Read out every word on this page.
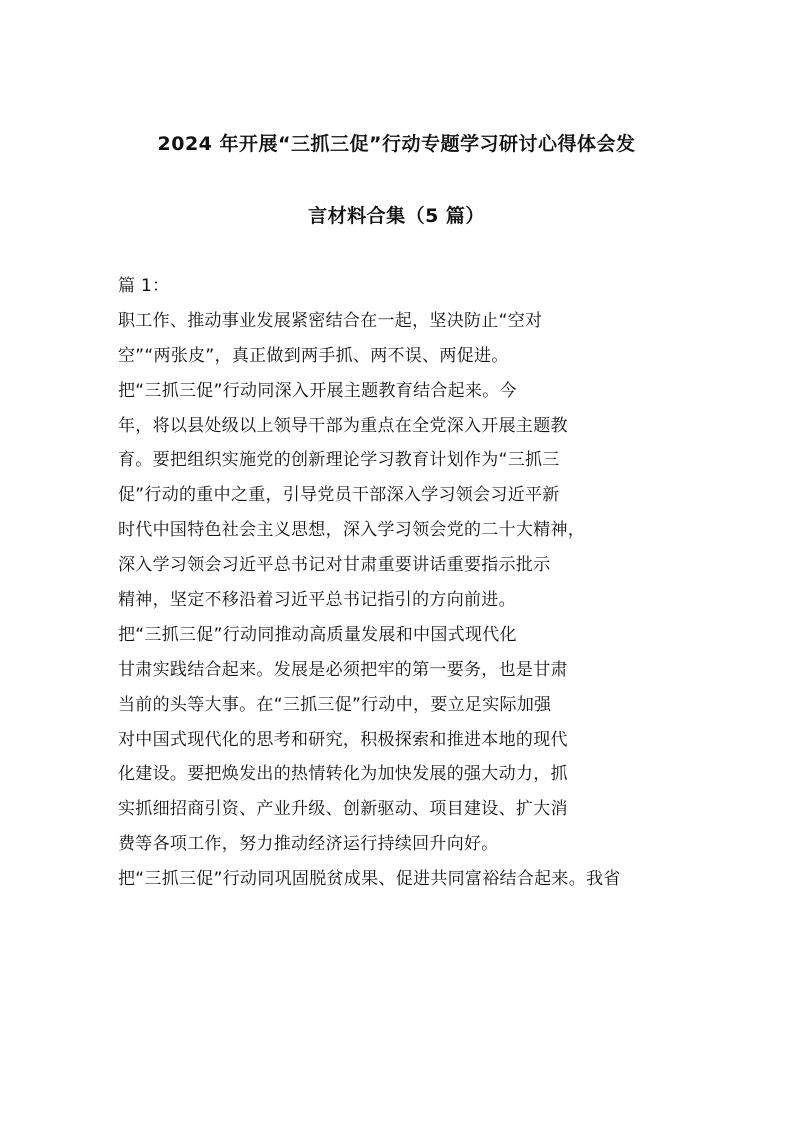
2024 年开展“三抓三促”行动专题学习研讨心得体会发
言材料合集（5 篇）
篇 1：
职工作、推动事业发展紧密结合在一起，坚决防止“空对
空”“两张皮”，真正做到两手抓、两不误、两促进。
把“三抓三促”行动同深入开展主题教育结合起来。今
年，将以县处级以上领导干部为重点在全党深入开展主题教
育。要把组织实施党的创新理论学习教育计划作为“三抓三
促”行动的重中之重，引导党员干部深入学习领会习近平新
时代中国特色社会主义思想，深入学习领会党的二十大精神，
深入学习领会习近平总书记对甘肃重要讲话重要指示批示
精神，坚定不移沿着习近平总书记指引的方向前进。
把“三抓三促”行动同推动高质量发展和中国式现代化
甘肃实践结合起来。发展是必须把牢的第一要务，也是甘肃
当前的头等大事。在“三抓三促”行动中，要立足实际加强
对中国式现代化的思考和研究，积极探索和推进本地的现代
化建设。要把焕发出的热情转化为加快发展的强大动力，抓
实抓细招商引资、产业升级、创新驱动、项目建设、扩大消
费等各项工作，努力推动经济运行持续回升向好。
把“三抓三促”行动同巩固脱贫成果、促进共同富裕结合起来。我省
